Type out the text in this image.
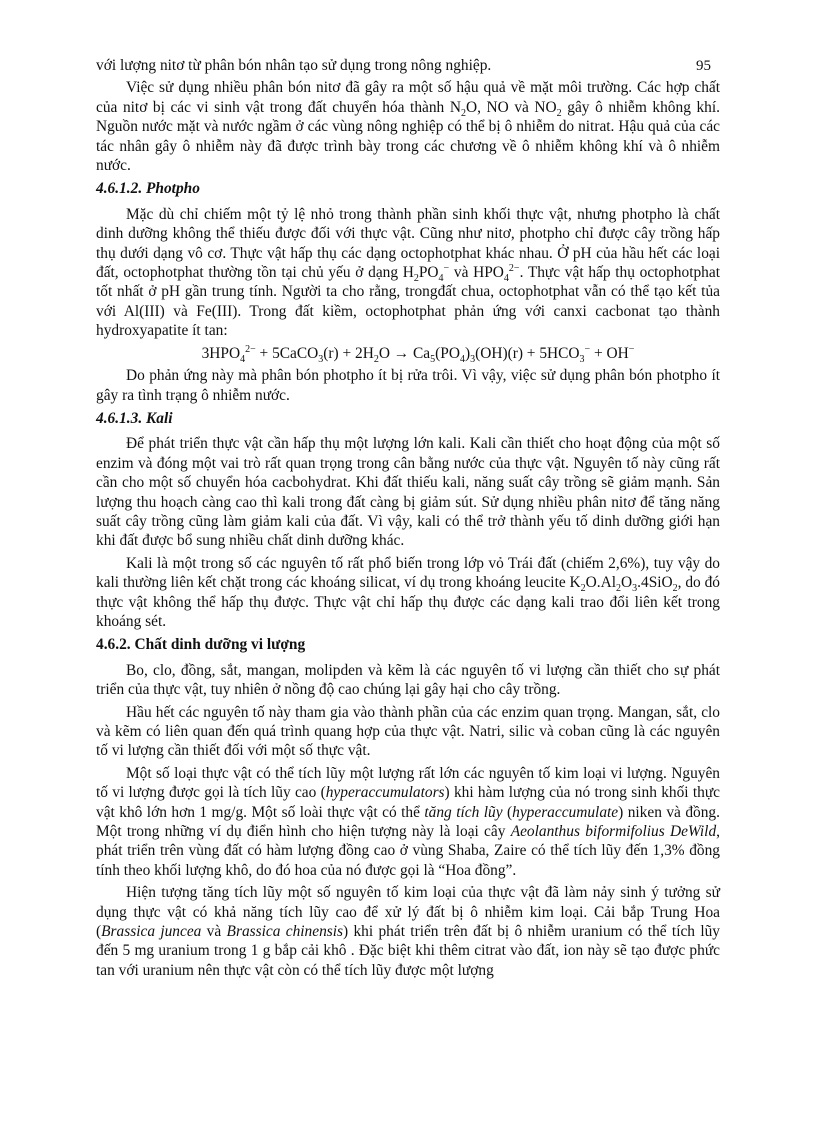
95

với lượng nitơ từ phân bón nhân tạo sử dụng trong nông nghiệp.

Việc sử dụng nhiều phân bón nitơ đã gây ra một số hậu quả về mặt môi trường. Các hợp chất của nitơ bị các vi sinh vật trong đất chuyển hóa thành $N_2O$, NO và $NO_2$ gây ô nhiễm không khí. Nguồn nước mặt và nước ngầm ở các vùng nông nghiệp có thể bị ô nhiễm do nitrat. Hậu quả của các tác nhân gây ô nhiễm này đã được trình bày trong các chương về ô nhiễm không khí và ô nhiễm nước.

4.6.1.2. Photpho

Mặc dù chỉ chiếm một tỷ lệ nhỏ trong thành phần sinh khối thực vật, nhưng photpho là chất dinh dưỡng không thể thiếu được đối với thực vật. Cũng như nitơ, photpho chỉ được cây trồng hấp thụ dưới dạng vô cơ. Thực vật hấp thụ các dạng octophotphat khác nhau. Ở pH của hầu hết các loại đất, octophotphat thường tồn tại chủ yếu ở dạng $H_2PO_4^-$ và $HPO_4^{2-}$. Thực vật hấp thụ octophotphat tốt nhất ở pH gần trung tính. Người ta cho rằng, trongđất chua, octophotphat vẫn có thể tạo kết tủa với Al(III) và Fe(III). Trong đất kiềm, octophotphat phản ứng với canxi cacbonat tạo thành hydroxyapatite ít tan:

$3HPO_4^{2-}$ + 5CaCO$_3$(r) + $2H_2O \to Ca_5(PO_4)_3(OH)(r) + 5HCO_3^- + OH^-$

Do phản ứng này mà phân bón photpho ít bị rửa trôi. Vì vậy, việc sử dụng phân bón photpho ít gây ra tình trạng ô nhiễm nước.

4.6.1.3. Kali

Để phát triển thực vật cần hấp thụ một lượng lớn kali. Kali cần thiết cho hoạt động của một số enzim và đóng một vai trò rất quan trọng trong cân bằng nước của thực vật. Nguyên tố này cũng rất cần cho một số chuyển hóa cacbohydrat. Khi đất thiếu kali, năng suất cây trồng sẽ giảm mạnh. Sản lượng thu hoạch càng cao thì kali trong đất càng bị giảm sút. Sử dụng nhiều phân nitơ để tăng năng suất cây trồng cũng làm giảm kali của đất. Vì vậy, kali có thể trở thành yếu tố dinh dưỡng giới hạn khi đất được bổ sung nhiều chất dinh dưỡng khác.

Kali là một trong số các nguyên tố rất phổ biến trong lớp vỏ Trái đất (chiếm 2,6%), tuy vậy do kali thường liên kết chặt trong các khoáng silicat, ví dụ trong khoáng leucite $K_2O.Al_2O_3.4SiO_2$, do đó thực vật không thể hấp thụ được. Thực vật chỉ hấp thụ được các dạng kali trao đổi liên kết trong khoáng sét.

4.6.2. Chất dinh dưỡng vi lượng

Bo, clo, đồng, sắt, mangan, molipden và kẽm là các nguyên tố vi lượng cần thiết cho sự phát triển của thực vật, tuy nhiên ở nồng độ cao chúng lại gây hại cho cây trồng.

Hầu hết các nguyên tố này tham gia vào thành phần của các enzim quan trọng. Mangan, sắt, clo và kẽm có liên quan đến quá trình quang hợp của thực vật. Natri, silic và coban cũng là các nguyên tố vi lượng cần thiết đối với một số thực vật.

Một số loại thực vật có thể tích lũy một lượng rất lớn các nguyên tố kim loại vi lượng. Nguyên tố vi lượng được gọi là tích lũy cao (hyperaccumulators) khi hàm lượng của nó trong sinh khối thực vật khô lớn hơn 1 mg/g. Một số loài thực vật có thể tăng tích lũy (hyperaccumulate) niken và đồng. Một trong những ví dụ điển hình cho hiện tượng này là loại cây Aeolanthus biformifolius DeWild, phát triển trên vùng đất có hàm lượng đồng cao ở vùng Shaba, Zaire có thể tích lũy đến 1,3% đồng tính theo khối lượng khô, do đó hoa của nó được gọi là “Hoa đồng”.

Hiện tượng tăng tích lũy một số nguyên tố kim loại của thực vật đã làm nảy sinh ý tưởng sử dụng thực vật có khả năng tích lũy cao để xử lý đất bị ô nhiễm kim loại. Cải bắp Trung Hoa (Brassica juncea và Brassica chinensis) khi phát triển trên đất bị ô nhiễm uranium có thể tích lũy đến 5 mg uranium trong 1 g bắp cải khô . Đặc biệt khi thêm citrat vào đất, ion này sẽ tạo được phức tan với uranium nên thực vật còn có thể tích lũy được một lượng
